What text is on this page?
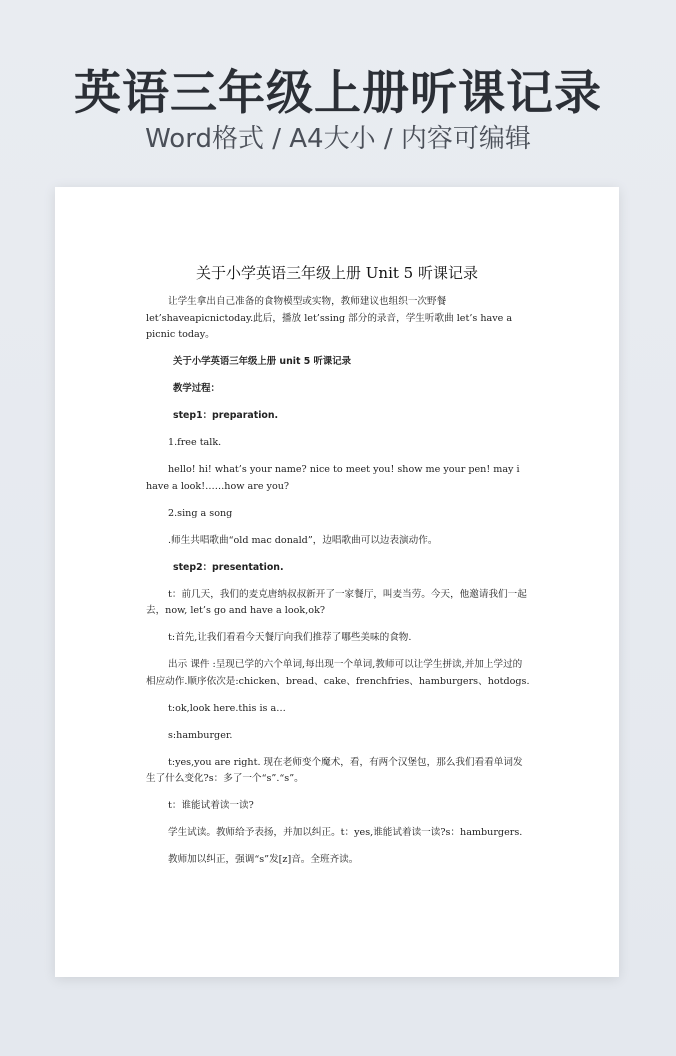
英语三年级上册听课记录
Word格式 / A4大小 / 内容可编辑
关于小学英语三年级上册 Unit 5 听课记录

让学生拿出自己准备的食物模型或实物，教师建议也组织一次野餐 let’shaveapicnictoday.此后，播放 let’ssing 部分的录音，学生听歌曲 let’s have a picnic today。

关于小学英语三年级上册 unit 5 听课记录

教学过程：

step1：preparation.

1.free talk.

hello! hi! what’s your name? nice to meet you! show me your pen! may i have a look!……how are you?

2.sing a song

.师生共唱歌曲“old mac donald”，边唱歌曲可以边表演动作。

step2：presentation.

t：前几天，我们的麦克唐纳叔叔新开了一家餐厅，叫麦当劳。今天，他邀请我们一起去，now, let’s go and have a look,ok?

t:首先,让我们看看今天餐厅向我们推荐了哪些美味的食物.

出示 课件 :呈现已学的六个单词,每出现一个单词,教师可以让学生拼读,并加上学过的相应动作.顺序依次是:chicken、bread、cake、frenchfries、hamburgers、hotdogs.

t:ok,look here.this is a…

s:hamburger.

t:yes,you are right. 现在老师变个魔术，看，有两个汉堡包，那么我们看看单词发生了什么变化?s：多了一个“s”.“s”。

t：谁能试着读一读?

学生试读。教师给予表扬，并加以纠正。t：yes,谁能试着读一读?s：hamburgers.

教师加以纠正，强调“s”发[z]音。全班齐读。
